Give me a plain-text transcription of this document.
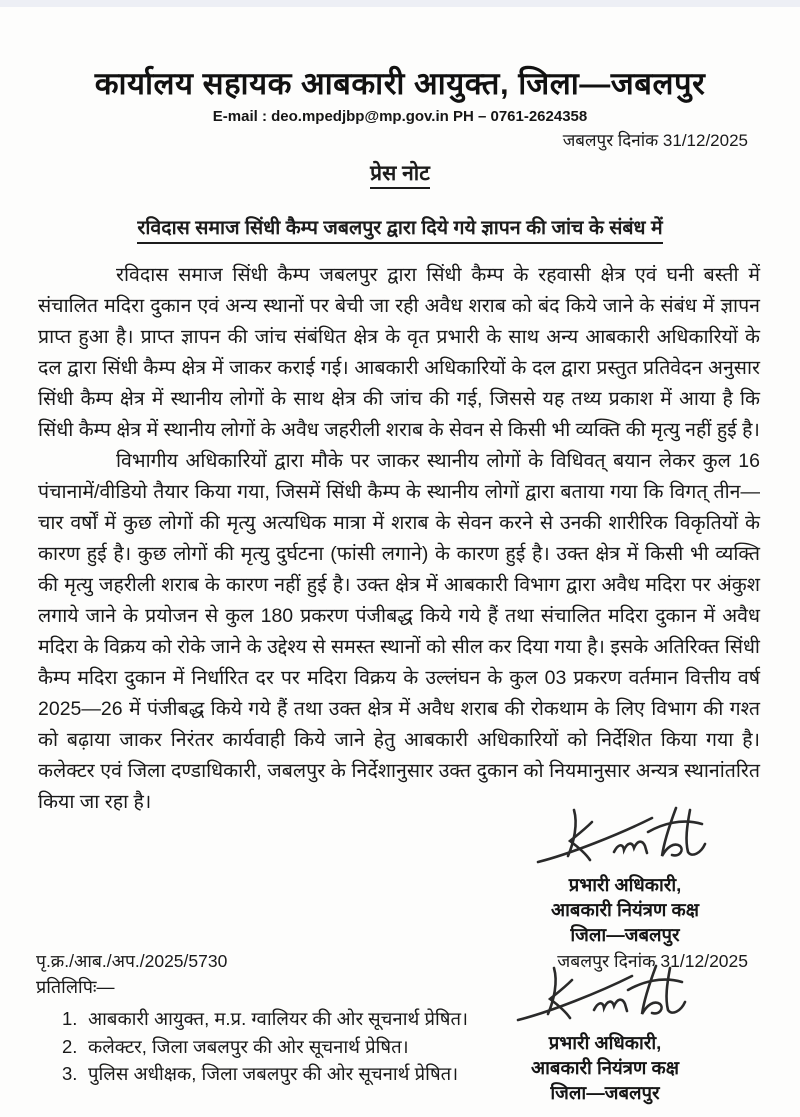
कार्यालय सहायक आबकारी आयुक्त, जिला—जबलपुर
E-mail : deo.mpedjbp@mp.gov.in PH – 0761-2624358
जबलपुर दिनांक 31/12/2025
प्रेस नोट
रविदास समाज सिंधी कैम्प जबलपुर द्वारा दिये गये ज्ञापन की जांच के संबंध में

रविदास समाज सिंधी कैम्प जबलपुर द्वारा सिंधी कैम्प के रहवासी क्षेत्र एवं घनी बस्ती में संचालित मदिरा दुकान एवं अन्य स्थानों पर बेची जा रही अवैध शराब को बंद किये जाने के संबंध में ज्ञापन प्राप्त हुआ है। प्राप्त ज्ञापन की जांच संबंधित क्षेत्र के वृत प्रभारी के साथ अन्य आबकारी अधिकारियों के दल द्वारा सिंधी कैम्प क्षेत्र में जाकर कराई गई। आबकारी अधिकारियों के दल द्वारा प्रस्तुत प्रतिवेदन अनुसार सिंधी कैम्प क्षेत्र में स्थानीय लोगों के साथ क्षेत्र की जांच की गई, जिससे यह तथ्य प्रकाश में आया है कि सिंधी कैम्प क्षेत्र में स्थानीय लोगों के अवैध जहरीली शराब के सेवन से किसी भी व्यक्ति की मृत्यु नहीं हुई है।

विभागीय अधिकारियों द्वारा मौके पर जाकर स्थानीय लोगों के विधिवत् बयान लेकर कुल 16 पंचानामें/वीडियो तैयार किया गया, जिसमें सिंधी कैम्प के स्थानीय लोगों द्वारा बताया गया कि विगत् तीन—चार वर्षों में कुछ लोगों की मृत्यु अत्यधिक मात्रा में शराब के सेवन करने से उनकी शारीरिक विकृतियों के कारण हुई है। कुछ लोगों की मृत्यु दुर्घटना (फांसी लगाने) के कारण हुई है। उक्त क्षेत्र में किसी भी व्यक्ति की मृत्यु जहरीली शराब के कारण नहीं हुई है। उक्त क्षेत्र में आबकारी विभाग द्वारा अवैध मदिरा पर अंकुश लगाये जाने के प्रयोजन से कुल 180 प्रकरण पंजीबद्ध किये गये हैं तथा संचालित मदिरा दुकान में अवैध मदिरा के विक्रय को रोके जाने के उद्देश्य से समस्त स्थानों को सील कर दिया गया है। इसके अतिरिक्त सिंधी कैम्प मदिरा दुकान में निर्धारित दर पर मदिरा विक्रय के उल्लंघन के कुल 03 प्रकरण वर्तमान वित्तीय वर्ष 2025—26 में पंजीबद्ध किये गये हैं तथा उक्त क्षेत्र में अवैध शराब की रोकथाम के लिए विभाग की गश्त को बढ़ाया जाकर निरंतर कार्यवाही किये जाने हेतु आबकारी अधिकारियों को निर्देशित किया गया है। कलेक्टर एवं जिला दण्डाधिकारी, जबलपुर के निर्देशानुसार उक्त दुकान को नियमानुसार अन्यत्र स्थानांतरित किया जा रहा है।

प्रभारी अधिकारी,
आबकारी नियंत्रण कक्ष
जिला—जबलपुर
पृ.क्र./आब./अप./2025/5730	जबलपुर दिनांक 31/12/2025
प्रतिलिपिः—
1. आबकारी आयुक्त, म.प्र. ग्वालियर की ओर सूचनार्थ प्रेषित।
2. कलेक्टर, जिला जबलपुर की ओर सूचनार्थ प्रेषित।
3. पुलिस अधीक्षक, जिला जबलपुर की ओर सूचनार्थ प्रेषित।
प्रभारी अधिकारी,
आबकारी नियंत्रण कक्ष
जिला—जबलपुर
